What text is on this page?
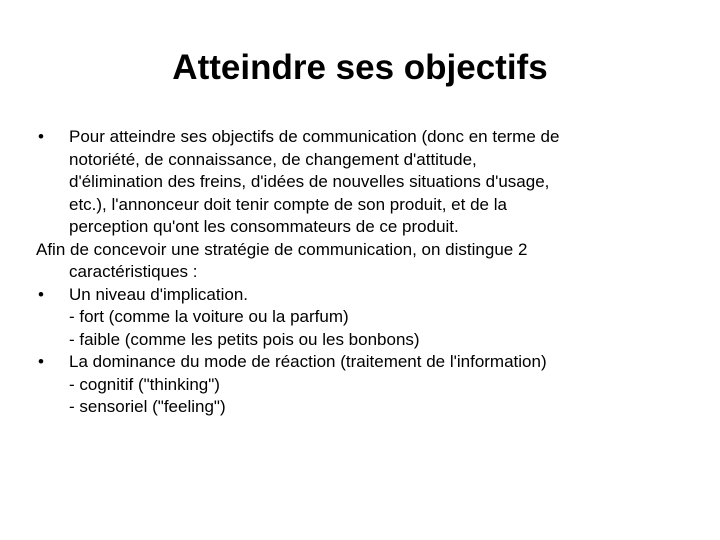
Atteindre ses objectifs
•	Pour atteindre ses objectifs de communication (donc en terme de
notoriété, de connaissance, de changement d'attitude,
d'élimination des freins, d'idées de nouvelles situations d'usage,
etc.), l'annonceur doit tenir compte de son produit, et de la
perception qu'ont les consommateurs de ce produit.
Afin de concevoir une stratégie de communication, on distingue 2
caractéristiques :
•	Un niveau d'implication.
- fort (comme la voiture ou la parfum)
- faible (comme les petits pois ou les bonbons)
•	La dominance du mode de réaction (traitement de l'information)
- cognitif ("thinking")
- sensoriel ("feeling")
